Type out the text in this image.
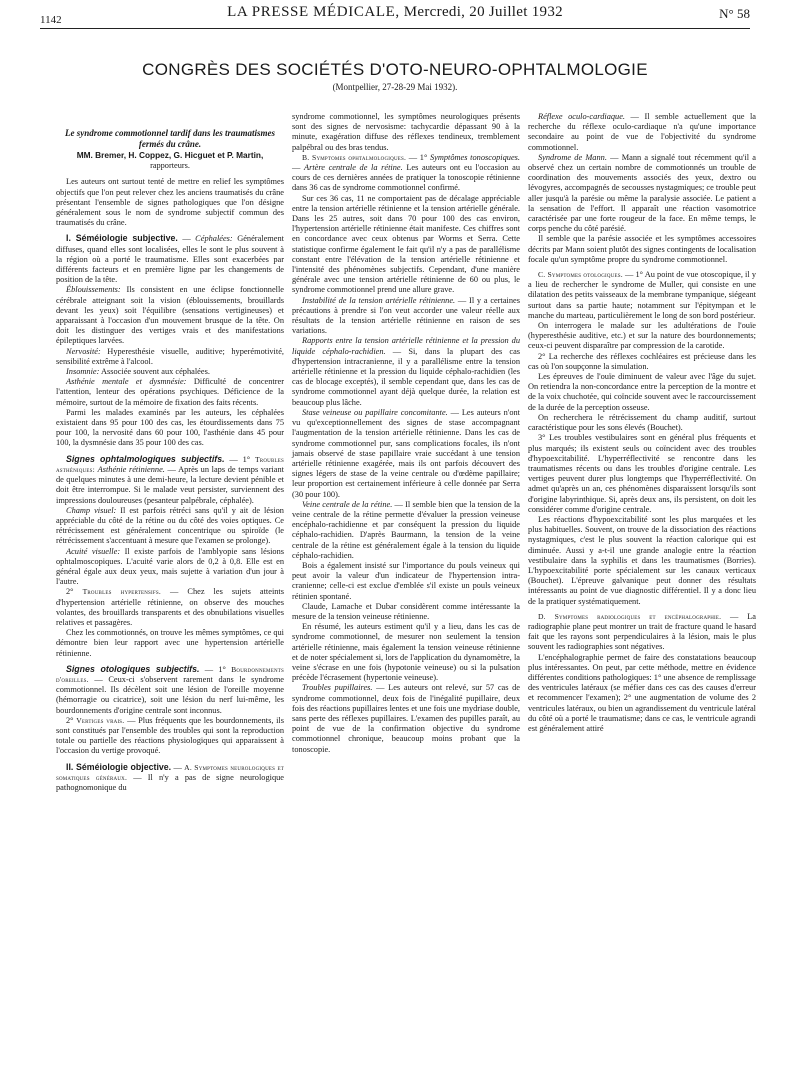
1142	LA PRESSE MÉDICALE, Mercredi, 20 Juillet 1932	N° 58
CONGRÈS DES SOCIÉTÉS D'OTO-NEURO-OPHTALMOLOGIE
(Montpellier, 27-28-29 Mai 1932).

Le syndrome commotionnel tardif dans les traumatismes fermés du crâne.

MM. Bremer, H. Coppez, G. Hicguet et P. Martin,
rapporteurs.

Les auteurs ont surtout tenté de mettre en relief les symptômes objectifs que l'on peut relever chez les anciens traumatisés du crâne présentant l'ensemble de signes pathologiques que l'on désigne généralement sous le nom de syndrome subjectif commun des traumatisés du crâne.

I. Séméiologie subjective. — Céphalées: Généralement diffuses, quand elles sont localisées, elles le sont le plus souvent à la région où a porté le traumatisme. Elles sont exacerbées par différents facteurs et en première ligne par les changements de position de la tête.

Éblouissements: Ils consistent en une éclipse fonctionnelle cérébrale atteignant soit la vision (éblouissements, brouillards devant les yeux) soit l'équilibre (sensations vertigineuses) et apparaissant à l'occasion d'un mouvement brusque de la tête. On doit les distinguer des vertiges vrais et des manifestations épileptiques larvées.

Nervosité: Hyperesthésie visuelle, auditive; hyperémotivité, sensibilité extrême à l'alcool.

Insomnie: Associée souvent aux céphalées.

Asthénie mentale et dysmnésie: Difficulté de concentrer l'attention, lenteur des opérations psychiques. Déficience de la mémoire, surtout de la mémoire de fixation des faits récents.

Parmi les malades examinés par les auteurs, les céphalées existaient dans 95 pour 100 des cas, les étourdissements dans 75 pour 100, la nervosité dans 60 pour 100, l'asthénie dans 45 pour 100, la dysmnésie dans 35 pour 100 des cas.

Signes ophtalmologiques subjectifs. — 1° Troubles asthéniques: Asthénie rétinienne. — Après un laps de temps variant de quelques minutes à une demi-heure, la lecture devient pénible et doit être interrompue. Si le malade veut persister, surviennent des impressions douloureuses (pesanteur palpébrale, céphalée).

Champ visuel: Il est parfois rétréci sans qu'il y ait de lésion appréciable du côté de la rétine ou du côté des voies optiques. Ce rétrécissement est généralement concentrique ou spiroïde (le rétrécissement s'accentuant à mesure que l'examen se prolonge).

Acuité visuelle: Il existe parfois de l'amblyopie sans lésions ophtalmoscopiques. L'acuité varie alors de 0,2 à 0,8. Elle est en général égale aux deux yeux, mais sujette à variation d'un jour à l'autre.

2° Troubles hypertensifs. — Chez les sujets atteints d'hypertension artérielle rétinienne, on observe des mouches volantes, des brouillards transparents et des obnubilations visuelles relatives et passagères.

Chez les commotionnés, on trouve les mêmes symptômes, ce qui démontre bien leur rapport avec une hypertension artérielle rétinienne.

Signes otologiques subjectifs. — 1° Bourdonnements d'oreilles. — Ceux-ci s'observent rarement dans le syndrome commotionnel. Ils décèlent soit une lésion de l'oreille moyenne (hémorragie ou cicatrice), soit une lésion du nerf lui-même, les bourdonnements d'origine centrale sont inconnus.

2° Vertiges vrais. — Plus fréquents que les bourdonnements, ils sont constitués par l'ensemble des troubles qui sont la reproduction totale ou partielle des réactions physiologiques qui apparaissent à l'occasion du vertige provoqué.

II. Séméiologie objective. — A. Symptomes neurologiques et somatiques généraux. — Il n'y a pas de signe neurologique pathognomonique du

syndrome commotionnel, les symptômes neurologiques présents sont des signes de nervosisme: tachycardie dépassant 90 à la minute, exagération diffuse des réflexes tendineux, tremblement palpébral ou des bras tendus.

B. Symptomes ophtalmologiques. — 1° Symptômes tonoscopiques. — Artère centrale de la rétine. Les auteurs ont eu l'occasion au cours de ces dernières années de pratiquer la tonoscopie rétinienne dans 36 cas de syndrome commotionnel confirmé.

Sur ces 36 cas, 11 ne comportaient pas de décalage appréciable entre la tension artérielle rétinienne et la tension artérielle générale. Dans les 25 autres, soit dans 70 pour 100 des cas environ, l'hypertension artérielle rétinienne était manifeste. Ces chiffres sont en concordance avec ceux obtenus par Worms et Serra. Cette statistique confirme également le fait qu'il n'y a pas de parallélisme constant entre l'élévation de la tension artérielle rétinienne et l'intensité des phénomènes subjectifs. Cependant, d'une manière générale avec une tension artérielle rétinienne de 60 ou plus, le syndrome commotionnel prend une allure grave.

Instabilité de la tension artérielle rétinienne. — Il y a certaines précautions à prendre si l'on veut accorder une valeur réelle aux résultats de la tension artérielle rétinienne en raison de ses variations.

Rapports entre la tension artérielle rétinienne et la pression du liquide céphalo-rachidien. — Si, dans la plupart des cas d'hypertension intracranienne, il y a parallélisme entre la tension artérielle rétinienne et la pression du liquide céphalo-rachidien (les cas de blocage exceptés), il semble cependant que, dans les cas de syndrome commotionnel ayant déjà quelque durée, la relation est beaucoup plus lâche.

Stase veineuse ou papillaire concomitante. — Les auteurs n'ont vu qu'exceptionnellement des signes de stase accompagnant l'augmentation de la tension artérielle rétinienne. Dans les cas de syndrome commotionnel pur, sans complications focales, ils n'ont jamais observé de stase papillaire vraie succédant à une tension artérielle rétinienne exagérée, mais ils ont parfois découvert des signes légers de stase de la veine centrale ou d'œdème papillaire; leur proportion est certainement inférieure à celle donnée par Serra (30 pour 100).

Veine centrale de la rétine. — Il semble bien que la tension de la veine centrale de la rétine permette d'évaluer la pression veineuse encéphalo-rachidienne et par conséquent la pression du liquide céphalo-rachidien. D'après Baurmann, la tension de la veine centrale de la rétine est généralement égale à la tension du liquide céphalo-rachidien.

Bois a également insisté sur l'importance du pouls veineux qui peut avoir la valeur d'un indicateur de l'hypertension intra-cranienne; celle-ci est exclue d'emblée s'il existe un pouls veineux rétinien spontané.

Claude, Lamache et Dubar considèrent comme intéressante la mesure de la tension veineuse rétinienne.

En résumé, les auteurs estiment qu'il y a lieu, dans les cas de syndrome commotionnel, de mesurer non seulement la tension artérielle rétinienne, mais également la tension veineuse rétinienne et de noter spécialement si, lors de l'application du dynamomètre, la veine s'écrase en une fois (hypotonie veineuse) ou si la pulsation précède l'écrasement (hypertonie veineuse).

Troubles pupillaires. — Les auteurs ont relevé, sur 57 cas de syndrome commotionnel, deux fois de l'inégalité pupillaire, deux fois des réactions pupillaires lentes et une fois une mydriase double, sans perte des réflexes pupillaires. L'examen des pupilles paraît, au point de vue de la confirmation objective du syndrome commotionnel chronique, beaucoup moins probant que la tonoscopie.

Réflexe oculo-cardiaque. — Il semble actuellement que la recherche du réflexe oculo-cardiaque n'a qu'une importance secondaire au point de vue de l'objectivité du syndrome commotionnel.

Syndrome de Mann. — Mann a signalé tout récemment qu'il a observé chez un certain nombre de commotionnés un trouble de coordination des mouvements associés des yeux, dextro ou lévogyres, accompagnés de secousses nystagmiques; ce trouble peut aller jusqu'à la parésie ou même la paralysie associée. Le patient a la sensation de l'effort. Il apparaît une réaction vasomotrice caractérisée par une forte rougeur de la face. En même temps, le corps penche du côté parésié.

Il semble que la parésie associée et les symptômes accessoires décrits par Mann soient plutôt des signes contingents de localisation focale qu'un symptôme propre du syndrome commotionnel.

C. Symptomes otologiques. — 1° Au point de vue otoscopique, il y a lieu de rechercher le syndrome de Muller, qui consiste en une dilatation des petits vaisseaux de la membrane tympanique, siégeant surtout dans sa partie haute; notamment sur l'épitympan et le manche du marteau, particulièrement le long de son bord postérieur.

On interrogera le malade sur les adultérations de l'ouïe (hyperesthésie auditive, etc.) et sur la nature des bourdonnements; ceux-ci peuvent disparaître par compression de la carotide.

2° La recherche des réflexes cochléaires est précieuse dans les cas où l'on soupçonne la simulation.

Les épreuves de l'ouïe diminuent de valeur avec l'âge du sujet. On retiendra la non-concordance entre la perception de la montre et de la voix chuchotée, qui coïncide souvent avec le raccourcissement de la durée de la perception osseuse.

On recherchera le rétrécissement du champ auditif, surtout caractéristique pour les sons élevés (Bouchet).

3° Les troubles vestibulaires sont en général plus fréquents et plus marqués; ils existent seuls ou coïncident avec des troubles d'hypoexcitabilité. L'hyperréflectivité se rencontre dans les traumatismes récents ou dans les troubles d'origine centrale. Les vertiges peuvent durer plus longtemps que l'hyperréflectivité. On admet qu'après un an, ces phénomènes disparaissent lorsqu'ils sont d'origine labyrinthique. Si, après deux ans, ils persistent, on doit les considérer comme d'origine centrale.

Les réactions d'hypoexcitabilité sont les plus marquées et les plus habituelles. Souvent, on trouve de la dissociation des réactions nystagmiques, c'est le plus souvent la réaction calorique qui est diminuée. Aussi y a-t-il une grande analogie entre la réaction vestibulaire dans la syphilis et dans les traumatismes (Borries). L'hypoexcitabilité porte spécialement sur les canaux verticaux (Bouchet). L'épreuve galvanique peut donner des résultats intéressants au point de vue diagnostic différentiel. Il y a donc lieu de la pratiquer systématiquement.

D. Symptomes radiologiques et encéphalographie. — La radiographie plane peut montrer un trait de fracture quand le hasard fait que les rayons sont perpendiculaires à la lésion, mais le plus souvent les radiographies sont négatives.

L'encéphalographie permet de faire des constatations beaucoup plus intéressantes. On peut, par cette méthode, mettre en évidence différentes conditions pathologiques: 1° une absence de remplissage des ventricules latéraux (se méfier dans ces cas des causes d'erreur et recommencer l'examen); 2° une augmentation de volume des 2 ventricules latéraux, ou bien un agrandissement du ventricule latéral du côté où a porté le traumatisme; dans ce cas, le ventricule agrandi est généralement attiré
